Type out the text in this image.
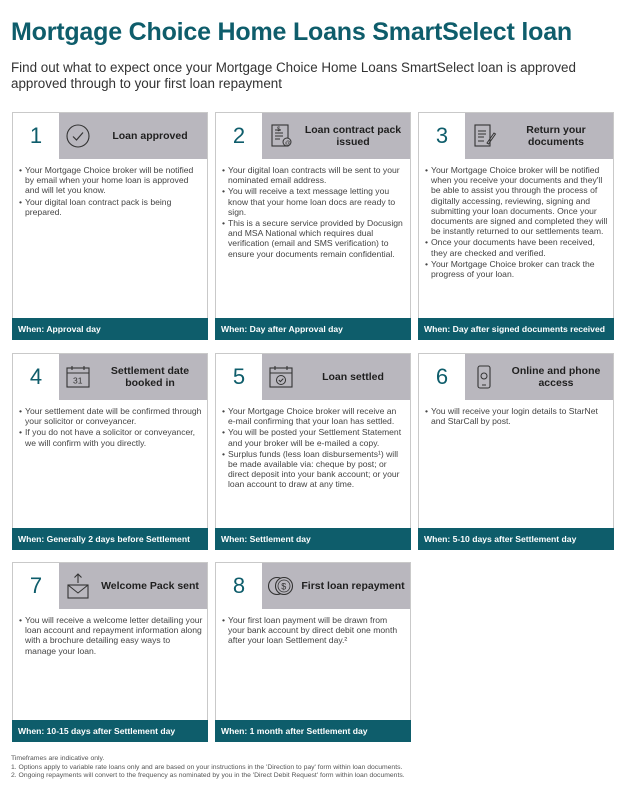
Mortgage Choice Home Loans SmartSelect loan
Find out what to expect once your Mortgage Choice Home Loans SmartSelect loan is approved approved through to your first loan repayment
1	Loan approved
• Your Mortgage Choice broker will be notified by email when your home loan is approved and will let you know.
• Your digital loan contract pack is being prepared.
When: Approval day
2	$
@
Loan contract pack issued
• Your digital loan contracts will be sent to your nominated email address.
• You will receive a text message letting you know that your home loan docs are ready to sign.
• This is a secure service provided by Docusign and MSA National which requires dual verification (email and SMS verification) to ensure your documents remain confidential.
When: Day after Approval day
3	Return your documents
• Your Mortgage Choice broker will be notified when you receive your documents and they'll be able to assist you through the process of digitally accessing, reviewing, signing and submitting your loan documents. Once your documents are signed and completed they will be instantly returned to our settlements team.
• Once your documents have been received, they are checked and verified.
• Your Mortgage Choice broker can track the progress of your loan.
When: Day after signed documents received
4	31
Settlement date booked in
• Your settlement date will be confirmed through your solicitor or conveyancer.
• If you do not have a solicitor or conveyancer, we will confirm with you directly.
When: Generally 2 days before Settlement
5	Loan settled
• Your Mortgage Choice broker will receive an e-mail confirming that your loan has settled.
• You will be posted your Settlement Statement and your broker will be e-mailed a copy.
• Surplus funds (less loan disbursements¹) will be made available via: cheque by post; or direct deposit into your bank account; or your loan account to draw at any time.
When: Settlement day
6	Online and phone access
• You will receive your login details to StarNet and StarCall by post.
When: 5-10 days after Settlement day
7	Welcome Pack sent
• You will receive a welcome letter detailing your loan account and repayment information along with a brochure detailing easy ways to manage your loan.
When: 10-15 days after Settlement day
8	$ First loan repayment
• Your first loan payment will be drawn from your bank account by direct debit one month after your loan Settlement day.²
When: 1 month after Settlement day
Timeframes are indicative only.
1. Options apply to variable rate loans only and are based on your instructions in the 'Direction to pay' form within loan documents.
2. Ongoing repayments will convert to the frequency as nominated by you in the 'Direct Debit Request' form within loan documents.
